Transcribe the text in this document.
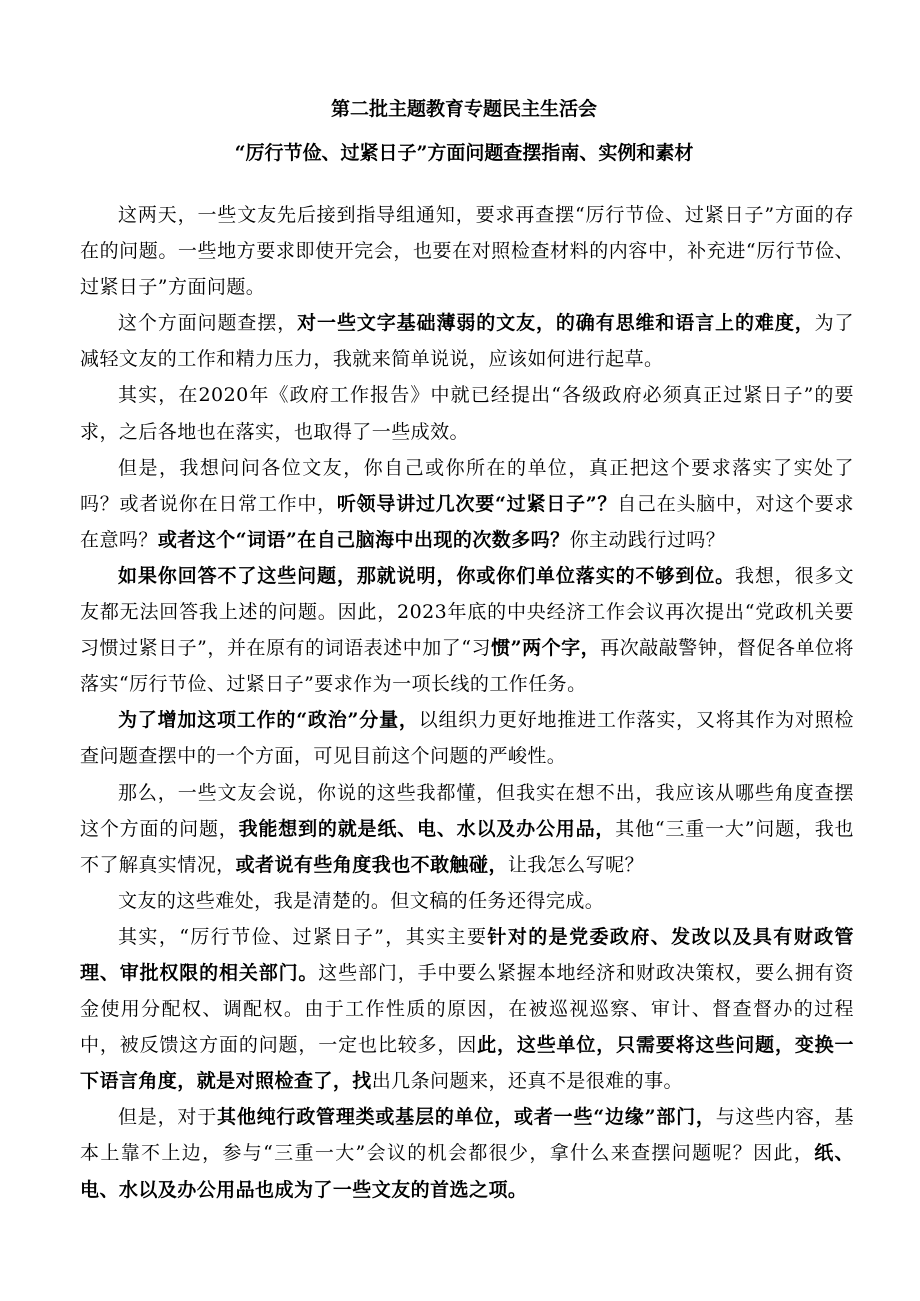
第二批主题教育专题民主生活会
“厉行节俭、过紧日子”方面问题查摆指南、实例和素材

这两天，一些文友先后接到指导组通知，要求再查摆“厉行节俭、过紧日子”方面的存在的问题。一些地方要求即使开完会，也要在对照检查材料的内容中，补充进“厉行节俭、过紧日子”方面问题。

这个方面问题查摆，对一些文字基础薄弱的文友，的确有思维和语言上的难度，为了减轻文友的工作和精力压力，我就来简单说说，应该如何进行起草。

其实，在2020年《政府工作报告》中就已经提出“各级政府必须真正过紧日子”的要求，之后各地也在落实，也取得了一些成效。

但是，我想问问各位文友，你自己或你所在的单位，真正把这个要求落实了实处了吗？或者说你在日常工作中，听领导讲过几次要“过紧日子”？自己在头脑中，对这个要求在意吗？或者这个“词语”在自己脑海中出现的次数多吗？你主动践行过吗？

如果你回答不了这些问题，那就说明，你或你们单位落实的不够到位。我想，很多文友都无法回答我上述的问题。因此，2023年底的中央经济工作会议再次提出“党政机关要习惯过紧日子”，并在原有的词语表述中加了“习惯”两个字，再次敲敲警钟，督促各单位将落实“厉行节俭、过紧日子”要求作为一项长线的工作任务。

为了增加这项工作的“政治”分量，以组织力更好地推进工作落实，又将其作为对照检查问题查摆中的一个方面，可见目前这个问题的严峻性。

那么，一些文友会说，你说的这些我都懂，但我实在想不出，我应该从哪些角度查摆这个方面的问题，我能想到的就是纸、电、水以及办公用品，其他“三重一大”问题，我也不了解真实情况，或者说有些角度我也不敢触碰，让我怎么写呢？

文友的这些难处，我是清楚的。但文稿的任务还得完成。

其实，“厉行节俭、过紧日子”，其实主要针对的是党委政府、发改以及具有财政管理、审批权限的相关部门。这些部门，手中要么紧握本地经济和财政决策权，要么拥有资金使用分配权、调配权。由于工作性质的原因，在被巡视巡察、审计、督查督办的过程中，被反馈这方面的问题，一定也比较多，因此，这些单位，只需要将这些问题，变换一下语言角度，就是对照检查了，找出几条问题来，还真不是很难的事。

但是，对于其他纯行政管理类或基层的单位，或者一些“边缘”部门，与这些内容，基本上靠不上边，参与“三重一大”会议的机会都很少，拿什么来查摆问题呢？因此，纸、电、水以及办公用品也成为了一些文友的首选之项。
